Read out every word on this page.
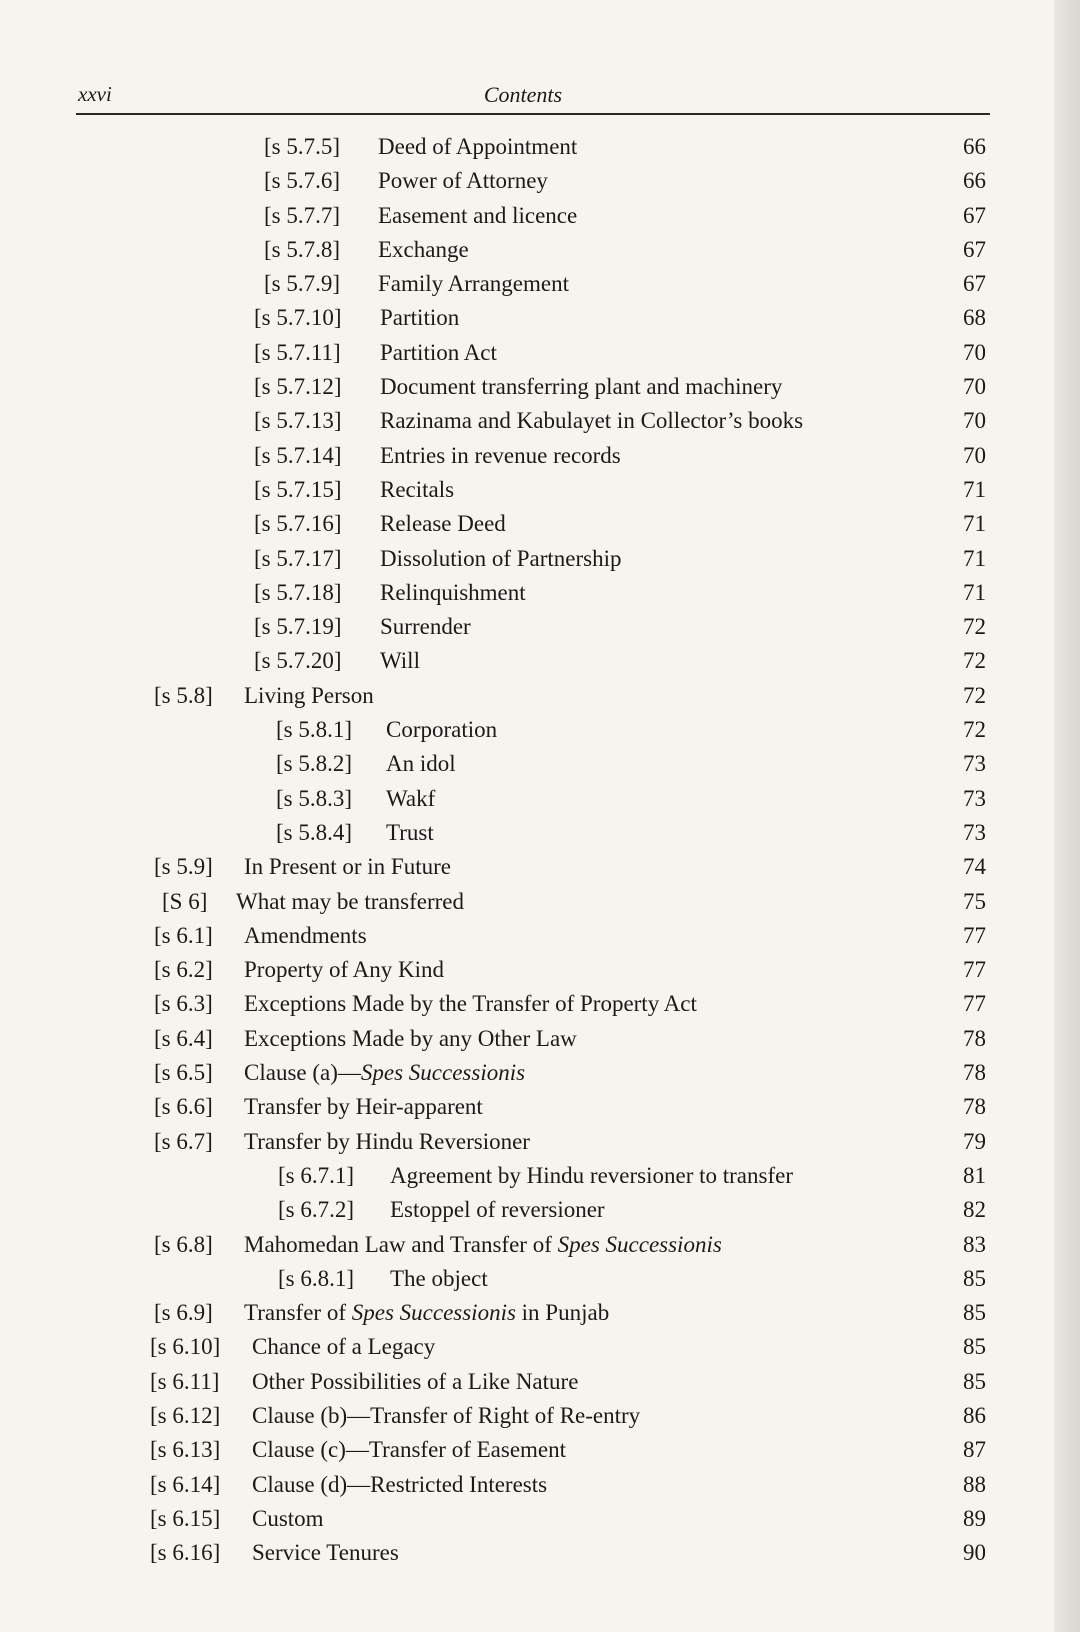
xxvi	Contents
[s 5.7.5] Deed of Appointment	66
[s 5.7.6] Power of Attorney	66
[s 5.7.7] Easement and licence	67
[s 5.7.8] Exchange	67
[s 5.7.9] Family Arrangement	67
[s 5.7.10] Partition	68
[s 5.7.11] Partition Act	70
[s 5.7.12] Document transferring plant and machinery	70
[s 5.7.13] Razinama and Kabulayet in Collector’s books	70
[s 5.7.14] Entries in revenue records	70
[s 5.7.15] Recitals	71
[s 5.7.16] Release Deed	71
[s 5.7.17] Dissolution of Partnership	71
[s 5.7.18] Relinquishment	71
[s 5.7.19] Surrender	72
[s 5.7.20] Will	72
[s 5.8] Living Person	72
[s 5.8.1] Corporation	72
[s 5.8.2] An idol	73
[s 5.8.3] Wakf	73
[s 5.8.4] Trust	73
[s 5.9] In Present or in Future	74
[S 6] What may be transferred	75
[s 6.1] Amendments	77
[s 6.2] Property of Any Kind	77
[s 6.3] Exceptions Made by the Transfer of Property Act	77
[s 6.4] Exceptions Made by any Other Law	78
[s 6.5] Clause (a)—Spes Successionis	78
[s 6.6] Transfer by Heir-apparent	78
[s 6.7] Transfer by Hindu Reversioner	79
[s 6.7.1] Agreement by Hindu reversioner to transfer	81
[s 6.7.2] Estoppel of reversioner	82
[s 6.8] Mahomedan Law and Transfer of Spes Successionis	83
[s 6.8.1] The object	85
[s 6.9] Transfer of Spes Successionis in Punjab	85
[s 6.10] Chance of a Legacy	85
[s 6.11] Other Possibilities of a Like Nature	85
[s 6.12] Clause (b)—Transfer of Right of Re-entry	86
[s 6.13] Clause (c)—Transfer of Easement	87
[s 6.14] Clause (d)—Restricted Interests	88
[s 6.15] Custom	89
[s 6.16] Service Tenures	90
